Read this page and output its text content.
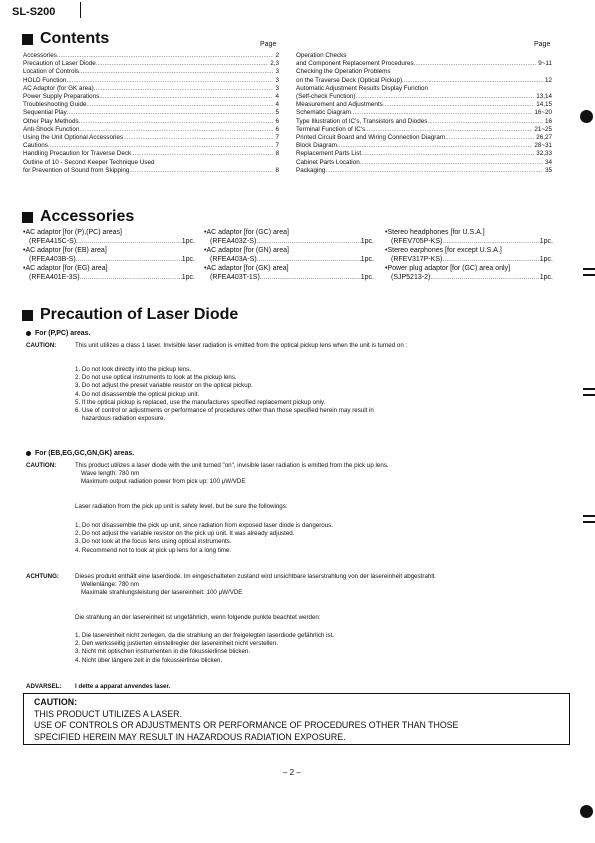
SL-S200
Contents	Page	Page
Accessories .....	2
Precaution of Laser Diode .....	2,3
Location of Controls .....	3
HOLD Function .....	3
AC Adaptor (for GK area) .....	3
Power Supply Preparations .....	4
Troubleshooting Guide .....	4
Sequential Play .....	5
Other Play Methods .....	6
Anti-Shock Function .....	6
Using the Unit Optional Accessories .....	7
Cautions .....	7
Handling Precaution for Traverse Deck .....	8
Outline of 10 - Second Keeper Technique Used
for Prevention of Sound from Skipping .....	8
Operation Checks
and Component Replacement Procedures .....	9~11
Checking the Operation Problems
on the Traverse Deck (Optical Pickup) .....	12
Automatic Adjustment Results Display Function
(Self-check Function) .....	13,14
Measurement and Adjustments .....	14,15
Schematic Diagram .....	16~20
Type Illustration of IC's, Transistors and Diodes .....	16
Terminal Function of IC's .....	21~25
Printed Circuit Board and Wiring Connection Diagram .....	26,27
Block Diagram .....	28~31
Replacement Parts List .....	32,33
Cabinet Parts Location .....	34
Packaging .....	35
Accessories
•AC adaptor [for (P),(PC) areas]
(RFEA415C-S) .....	1pc.
•AC adaptor [for (EB) area]
(RFEA403B-S) .....	1pc.
•AC adaptor [for (EG) area]
(RFEA401E-3S) .....	1pc.
•AC adaptor [for (GC) area]
(RFEA403Z-S) .....	1pc.
•AC adaptor [for (GN) area]
(RFEA403A-S) .....	1pc.
•AC adaptor [for (GK) area]
(RFEA403T-1S) .....	1pc.
•Stereo headphones [for U.S.A.]
(RFEV705P-KS) .....	1pc.
•Stereo earphones [for except U.S.A.]
(RFEV317P-KS) .....	1pc.
•Power plug adaptor [for (GC) area only]
(SJP5213-2) .....	1pc.
Precaution of Laser Diode
For (P,PC) areas.
CAUTION:	This unit utilizes a class 1 laser. Invisible laser radiation is emitted from the optical pickup lens when the unit is turned on :
1. Do not look directly into the pickup lens.
2. Do not use optical instruments to look at the pickup lens.
3. Do not adjust the preset variable resistor on the optical pickup.
4. Do not disassemble the optical pickup unit.
5. If the optical pickup is replaced, use the manufactures specified replacement pickup only.
6. Use of control or adjustments or performance of procedures other than those specified herein may result in
hazardous radiation exposure.
For (EB,EG,GC,GN,GK) areas.
CAUTION:	This product utilizes a laser diode with the unit turned "on", invisible laser radiation is emitted from the pick up lens.
Wave length: 780 nm
Maximum output radiation power from pick up: 100 μW/VDE
Laser radiation from the pick up unit is safety level, but be sure the followings:
1. Do not disassemble the pick up unit, since radiation from exposed laser diode is dangerous.
2. Do not adjust the variable resistor on the pick up unit. It was already adjusted.
3. Do not look at the focus lens using optical instruments.
4. Recommend not to look at pick up lens for a long time.
ACHTUNG:	Dieses produkt enthält eine laserdiode. Im eingeschalteten zustand wird unsichtbare laserstrahlung von der lasereinheit abgestrahlt.
Wellenlänge: 780 nm
Maximale strahlungsleistung der lasereinheit: 100 μW/VDE
Die strahlung an der lasereinheit ist ungefährlich, wenn folgende punkte beachtet werden:
1. Die lasereinheit nicht zerlegen, da die strahlung an der freigelegten laserdiode gefährlich ist.
2. Den werksseitig justierten einstellregler der lasereinheit nicht verstellen.
3. Nicht mit optischen instrumenten in die fokussierlinse blicken.
4. Nicht über längere zeit in die fokussierlinse blicken.
ADVARSEL: I dette a apparat anvendes laser.
CAUTION:
THIS PRODUCT UTILIZES A LASER.
USE OF CONTROLS OR ADJUSTMENTS OR PERFORMANCE OF PROCEDURES OTHER THAN THOSE
SPECIFIED HEREIN MAY RESULT IN HAZARDOUS RADIATION EXPOSURE.
– 2 –
